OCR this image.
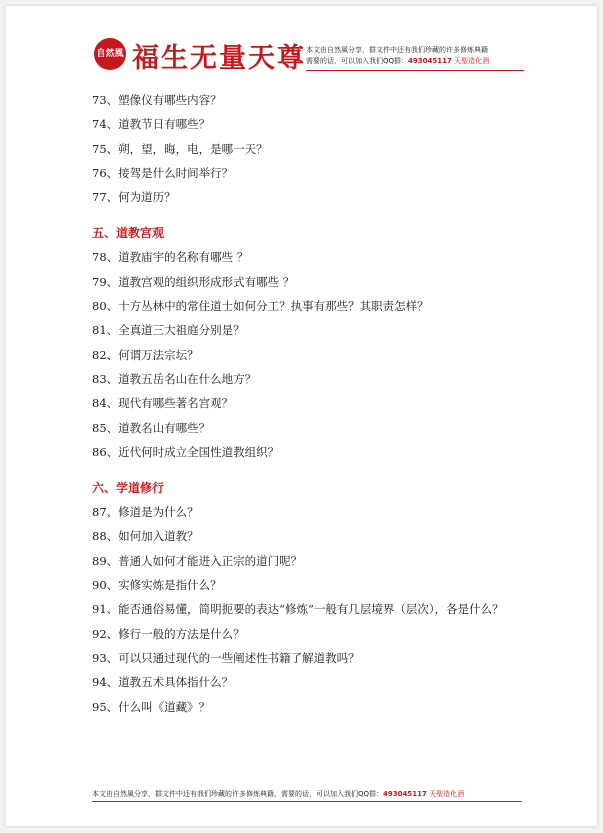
自然風 福生无量天尊 本文由自然風分享，群文件中还有我们珍藏的许多修炼典籍
需要的话，可以加入我们QQ群：493045117 天聖造化酒
73、塑像仪有哪些内容？
74、道教节日有哪些？
75、朔，望，晦，电，是哪一天？
76、接驾是什么时间举行？
77、何为道历？
五、道教宫观
78、道教庙宇的名称有哪些 ？
79、道教宫观的组织形成形式有哪些 ？
80、十方丛林中的常住道士如何分工？执事有那些？其职责怎样？
81、全真道三大祖庭分别是？
82、何谓万法宗坛？
83、道教五岳名山在什么地方？
84、现代有哪些著名宫观？
85、道教名山有哪些？
86、近代何时成立全国性道教组织？
六、学道修行
87、修道是为什么？
88、如何加入道教？
89、普通人如何才能进入正宗的道门呢？
90、实修实炼是指什么？
91、能否通俗易懂，简明扼要的表达“修炼”一般有几层境界（层次），各是什么？
92、修行一般的方法是什么？
93、可以只通过现代的一些阐述性书籍了解道教吗？
94、道教五术具体指什么？
95、什么叫《道藏》？
本文由自然風分享，群文件中还有我们珍藏的许多修炼典籍，需要的话，可以加入我们QQ群：493045117 天聖造化酒
